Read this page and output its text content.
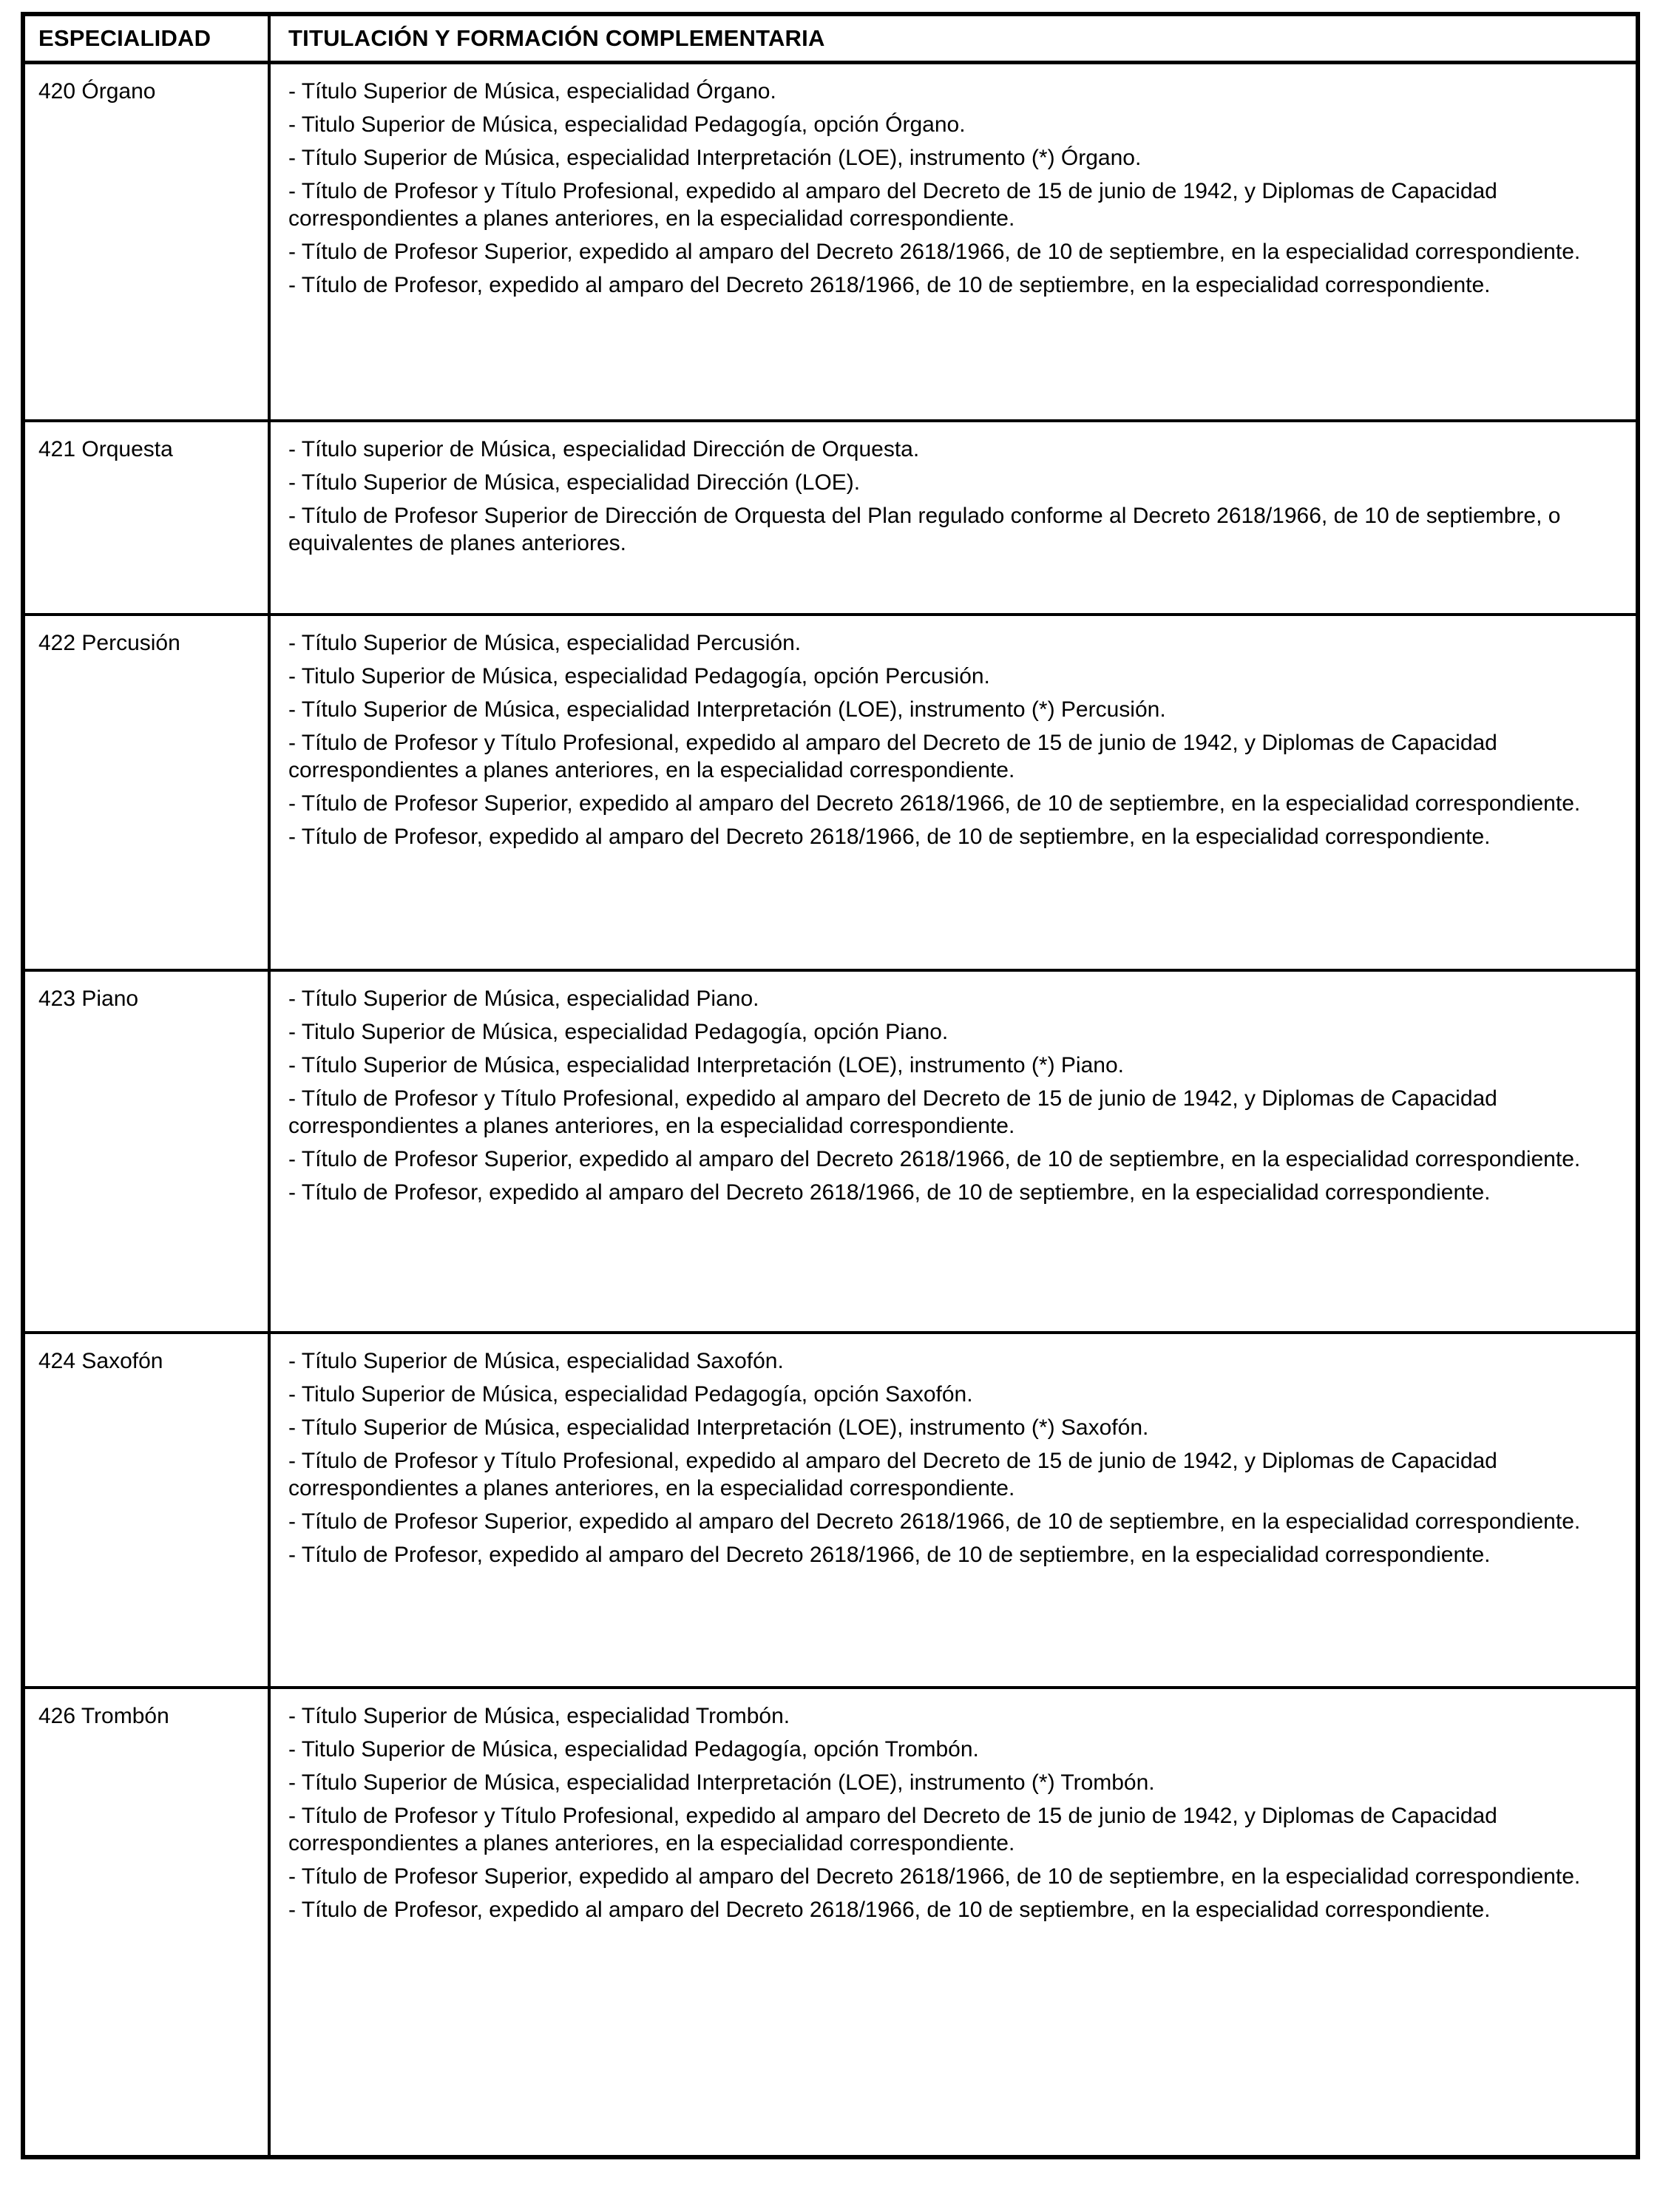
ESPECIALIDAD	TITULACIÓN Y FORMACIÓN COMPLEMENTARIA

420 Órgano	- Título Superior de Música, especialidad Órgano.

- Titulo Superior de Música, especialidad Pedagogía, opción Órgano.

- Título Superior de Música, especialidad Interpretación (LOE), instrumento (*) Órgano.

- Título de Profesor y Título Profesional, expedido al amparo del Decreto de 15 de junio de 1942, y Diplomas de Capacidad correspondientes a planes anteriores, en la especialidad correspondiente.

- Título de Profesor Superior, expedido al amparo del Decreto 2618/1966, de 10 de septiembre, en la especialidad correspondiente.

- Título de Profesor, expedido al amparo del Decreto 2618/1966, de 10 de septiembre, en la especialidad correspondiente.

421 Orquesta	- Título superior de Música, especialidad Dirección de Orquesta.

- Título Superior de Música, especialidad Dirección (LOE).

- Título de Profesor Superior de Dirección de Orquesta del Plan regulado conforme al Decreto 2618/1966, de 10 de septiembre, o equivalentes de planes anteriores.

422 Percusión	- Título Superior de Música, especialidad Percusión.

- Titulo Superior de Música, especialidad Pedagogía, opción Percusión.

- Título Superior de Música, especialidad Interpretación (LOE), instrumento (*) Percusión.

- Título de Profesor y Título Profesional, expedido al amparo del Decreto de 15 de junio de 1942, y Diplomas de Capacidad correspondientes a planes anteriores, en la especialidad correspondiente.

- Título de Profesor Superior, expedido al amparo del Decreto 2618/1966, de 10 de septiembre, en la especialidad correspondiente.

- Título de Profesor, expedido al amparo del Decreto 2618/1966, de 10 de septiembre, en la especialidad correspondiente.

423 Piano	- Título Superior de Música, especialidad Piano.

- Titulo Superior de Música, especialidad Pedagogía, opción Piano.

- Título Superior de Música, especialidad Interpretación (LOE), instrumento (*) Piano.

- Título de Profesor y Título Profesional, expedido al amparo del Decreto de 15 de junio de 1942, y Diplomas de Capacidad correspondientes a planes anteriores, en la especialidad correspondiente.

- Título de Profesor Superior, expedido al amparo del Decreto 2618/1966, de 10 de septiembre, en la especialidad correspondiente.

- Título de Profesor, expedido al amparo del Decreto 2618/1966, de 10 de septiembre, en la especialidad correspondiente.

424 Saxofón	- Título Superior de Música, especialidad Saxofón.

- Titulo Superior de Música, especialidad Pedagogía, opción Saxofón.

- Título Superior de Música, especialidad Interpretación (LOE), instrumento (*) Saxofón.

- Título de Profesor y Título Profesional, expedido al amparo del Decreto de 15 de junio de 1942, y Diplomas de Capacidad correspondientes a planes anteriores, en la especialidad correspondiente.

- Título de Profesor Superior, expedido al amparo del Decreto 2618/1966, de 10 de septiembre, en la especialidad correspondiente.

- Título de Profesor, expedido al amparo del Decreto 2618/1966, de 10 de septiembre, en la especialidad correspondiente.

426 Trombón	- Título Superior de Música, especialidad Trombón.

- Titulo Superior de Música, especialidad Pedagogía, opción Trombón.

- Título Superior de Música, especialidad Interpretación (LOE), instrumento (*) Trombón.

- Título de Profesor y Título Profesional, expedido al amparo del Decreto de 15 de junio de 1942, y Diplomas de Capacidad correspondientes a planes anteriores, en la especialidad correspondiente.

- Título de Profesor Superior, expedido al amparo del Decreto 2618/1966, de 10 de septiembre, en la especialidad correspondiente.

- Título de Profesor, expedido al amparo del Decreto 2618/1966, de 10 de septiembre, en la especialidad correspondiente.
